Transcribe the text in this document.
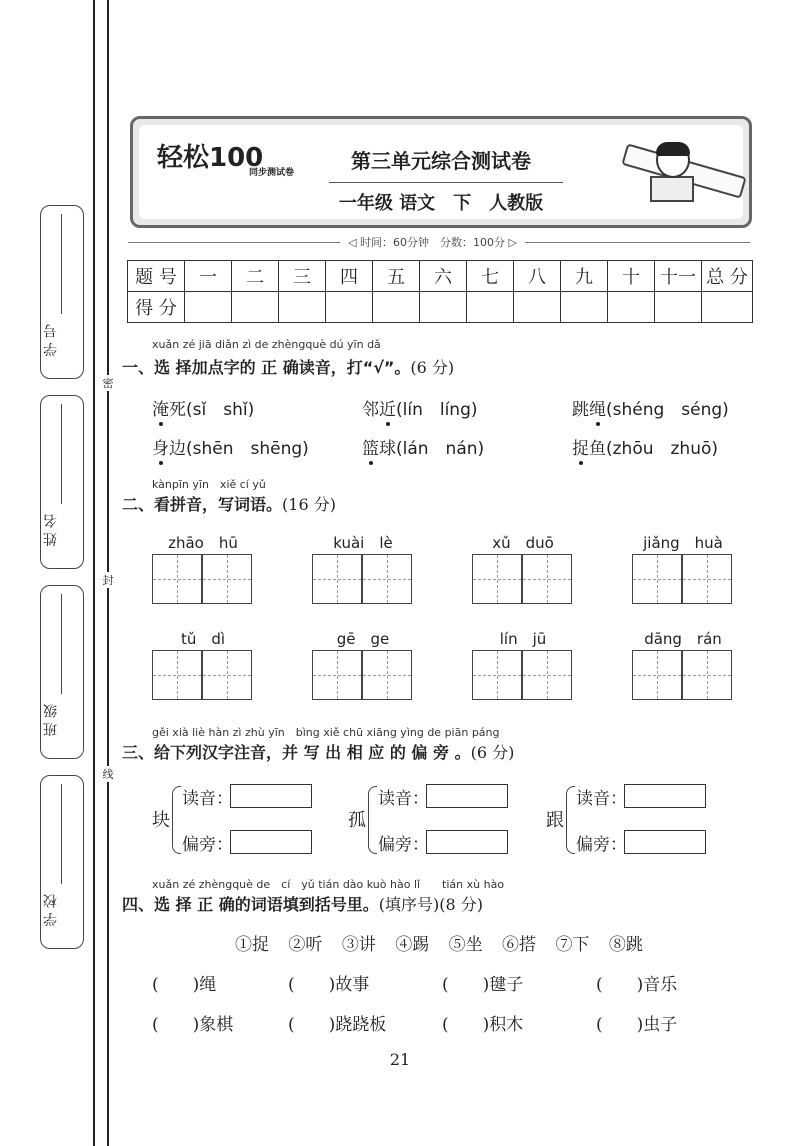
学 号
姓 名
班 级
学 校
密
封
线
轻松100
同步测试卷	第三单元综合测试卷
一年级 语文　下　人教版
◁ 时间：60分钟　分数：100分 ▷
题 号	一	二	三	四	五	六	七	八	九	十	十一	总 分
得 分												
xuǎn zé jiā diǎn zì de zhèngquè dú yīn dǎ
一、选 择加点字的 正 确读音，打“√”。(6 分)
淹死(sǐ　shǐ)	邻近(lín　líng)	跳绳(shéng　séng)
身边(shēn　shēng)	篮球(lán　nán)	捉鱼(zhōu　zhuō)
kànpīn yīn　xiě cí yǔ
二、看拼音，写词语。(16 分)
zhāo　hū	kuài　lè	xǔ　duō	jiǎng　huà
tǔ　dì	gē　ge	lín　jū	dāng　rán
gěi xià liè hàn zì zhù yīn　bìng xiě chū xiāng yìng de piān páng
三、给下列汉字注音，并 写 出 相 应 的 偏 旁 。(6 分)
块
读音：
偏旁：
孤
读音：
偏旁：
跟
读音：
偏旁：
xuǎn zé zhèngquè de　cí　yǔ tián dào kuò hào lǐ　　tián xù hào
四、选 择 正 确的词语填到括号里。(填序号)(8 分)
①捉 ②听 ③讲 ④踢 ⑤坐 ⑥搭 ⑦下 ⑧跳
(　　)绳	(　　)故事	(　　)毽子	(　　)音乐
(　　)象棋	(　　)跷跷板	(　　)积木	(　　)虫子
21
